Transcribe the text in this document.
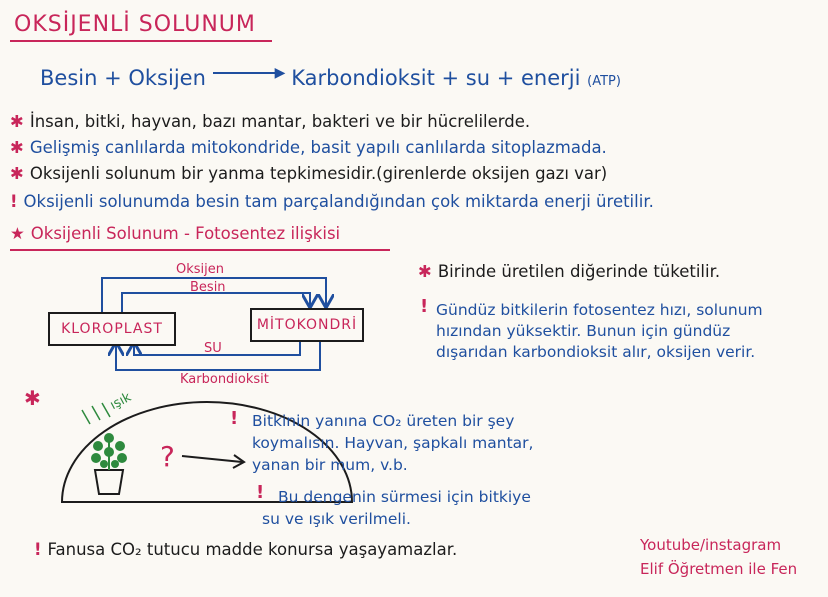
OKSİJENLİ SOLUNUM
Besin + Oksijen	▶ Karbondioksit + su + enerji (ATP)
✱ İnsan, bitki, hayvan, bazı mantar, bakteri ve bir hücrelilerde.
✱ Gelişmiş canlılarda mitokondride, basit yapılı canlılarda sitoplazmada.
✱ Oksijenli solunum bir yanma tepkimesidir.(girenlerde oksijen gazı var)
! Oksijenli solunumda besin tam parçalandığından çok miktarda enerji üretilir.
★ Oksijenli Solunum - Fotosentez ilişkisi
KLOROPLAST	MİTOKONDRİ
Oksijen
Besin
SU
Karbondioksit
✱ Birinde üretilen diğerinde tüketilir.
! Gündüz bitkilerin fotosentez hızı, solunum
hızından yüksektir. Bunun için gündüz
dışarıdan karbondioksit alır, oksijen verir.
✱	ışık
?
! Bitkinin yanına CO₂ üreten bir şey
koymalısın. Hayvan, şapkalı mantar,
yanan bir mum, v.b.
! Bu dengenin sürmesi için bitkiye
su ve ışık verilmeli.
! Fanusa CO₂ tutucu madde konursa yaşayamazlar.	Youtube/instagram
Elif Öğretmen ile Fen
